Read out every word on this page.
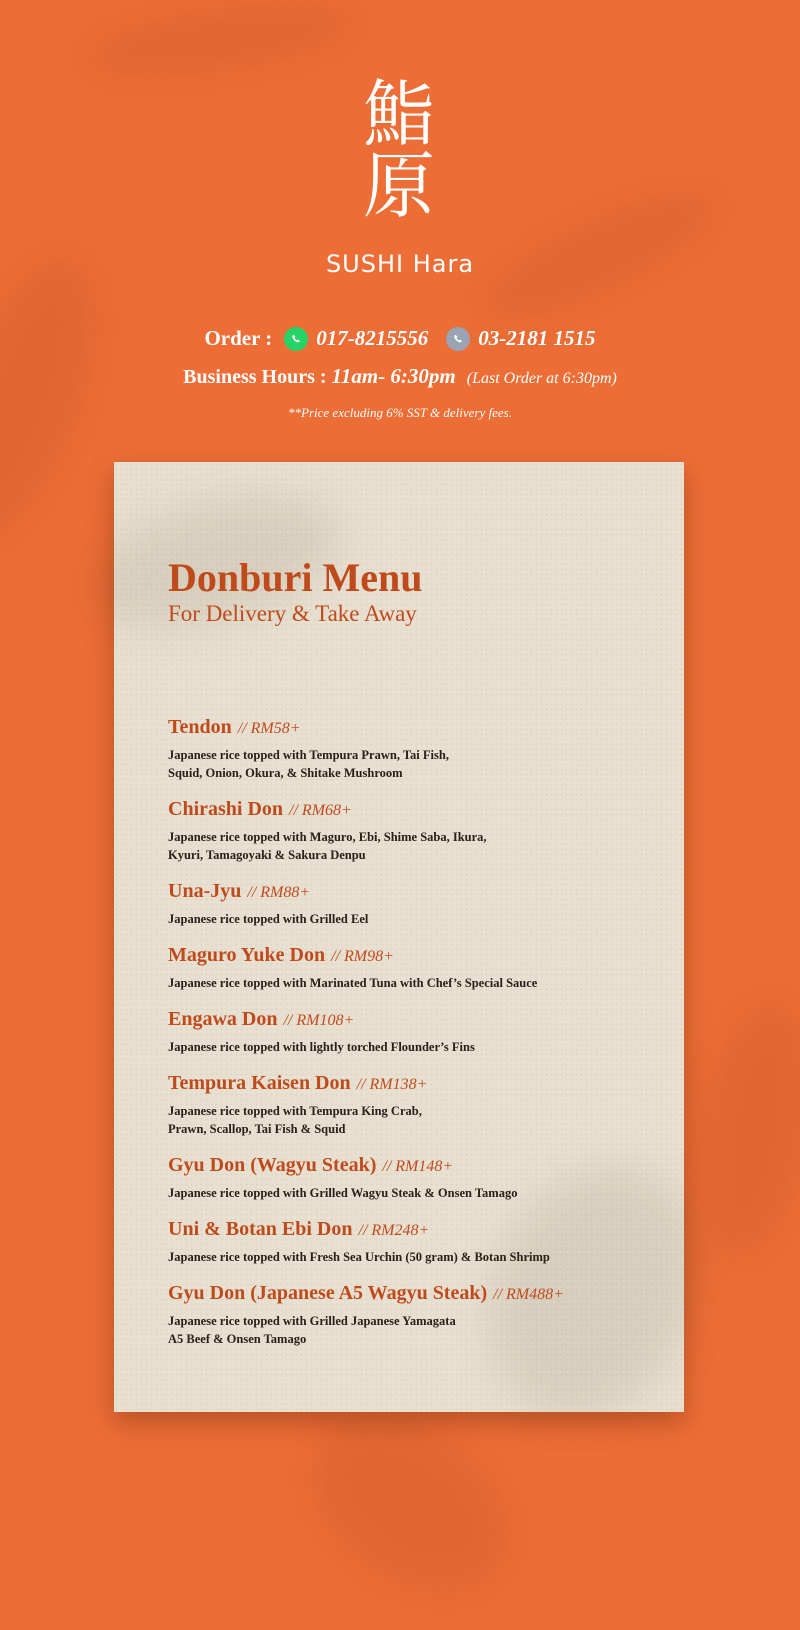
鮨
原
SUSHI Hara
Order : 017-8215556 03-2181 1515
Business Hours : 11am- 6:30pm (Last Order at 6:30pm)
**Price excluding 6% SST & delivery fees.
Donburi Menu
For Delivery & Take Away
Tendon // RM58+
Japanese rice topped with Tempura Prawn, Tai Fish,
Squid, Onion, Okura, & Shitake Mushroom
Chirashi Don // RM68+
Japanese rice topped with Maguro, Ebi, Shime Saba, Ikura,
Kyuri, Tamagoyaki & Sakura Denpu
Una-Jyu // RM88+
Japanese rice topped with Grilled Eel
Maguro Yuke Don // RM98+
Japanese rice topped with Marinated Tuna with Chef’s Special Sauce
Engawa Don // RM108+
Japanese rice topped with lightly torched Flounder’s Fins
Tempura Kaisen Don // RM138+
Japanese rice topped with Tempura King Crab,
Prawn, Scallop, Tai Fish & Squid
Gyu Don (Wagyu Steak) // RM148+
Japanese rice topped with Grilled Wagyu Steak & Onsen Tamago
Uni & Botan Ebi Don // RM248+
Japanese rice topped with Fresh Sea Urchin (50 gram) & Botan Shrimp
Gyu Don (Japanese A5 Wagyu Steak) // RM488+
Japanese rice topped with Grilled Japanese Yamagata
A5 Beef & Onsen Tamago
